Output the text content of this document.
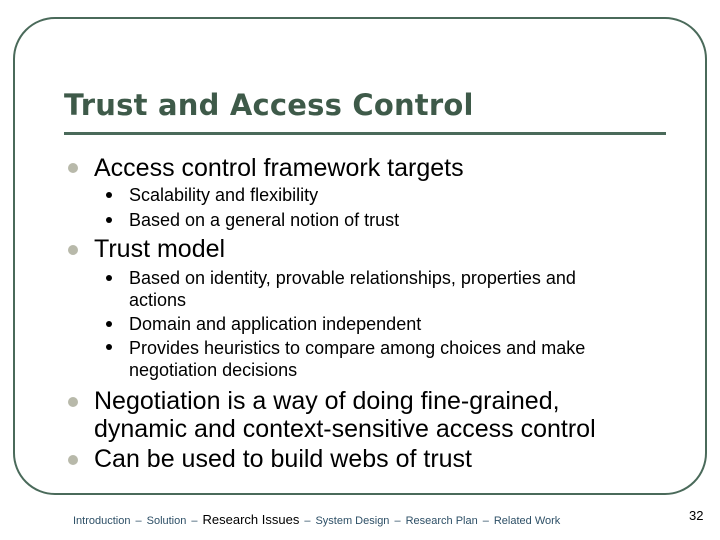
Trust and Access Control
Access control framework targets
Scalability and flexibility
Based on a general notion of trust
Trust model
Based on identity, provable relationships, properties and
actions
Domain and application independent
Provides heuristics to compare among choices and make
negotiation decisions
Negotiation is a way of doing fine-grained,
dynamic and context-sensitive access control
Can be used to build webs of trust
Introduction – Solution – Research Issues – System Design – Research Plan – Related Work	32
